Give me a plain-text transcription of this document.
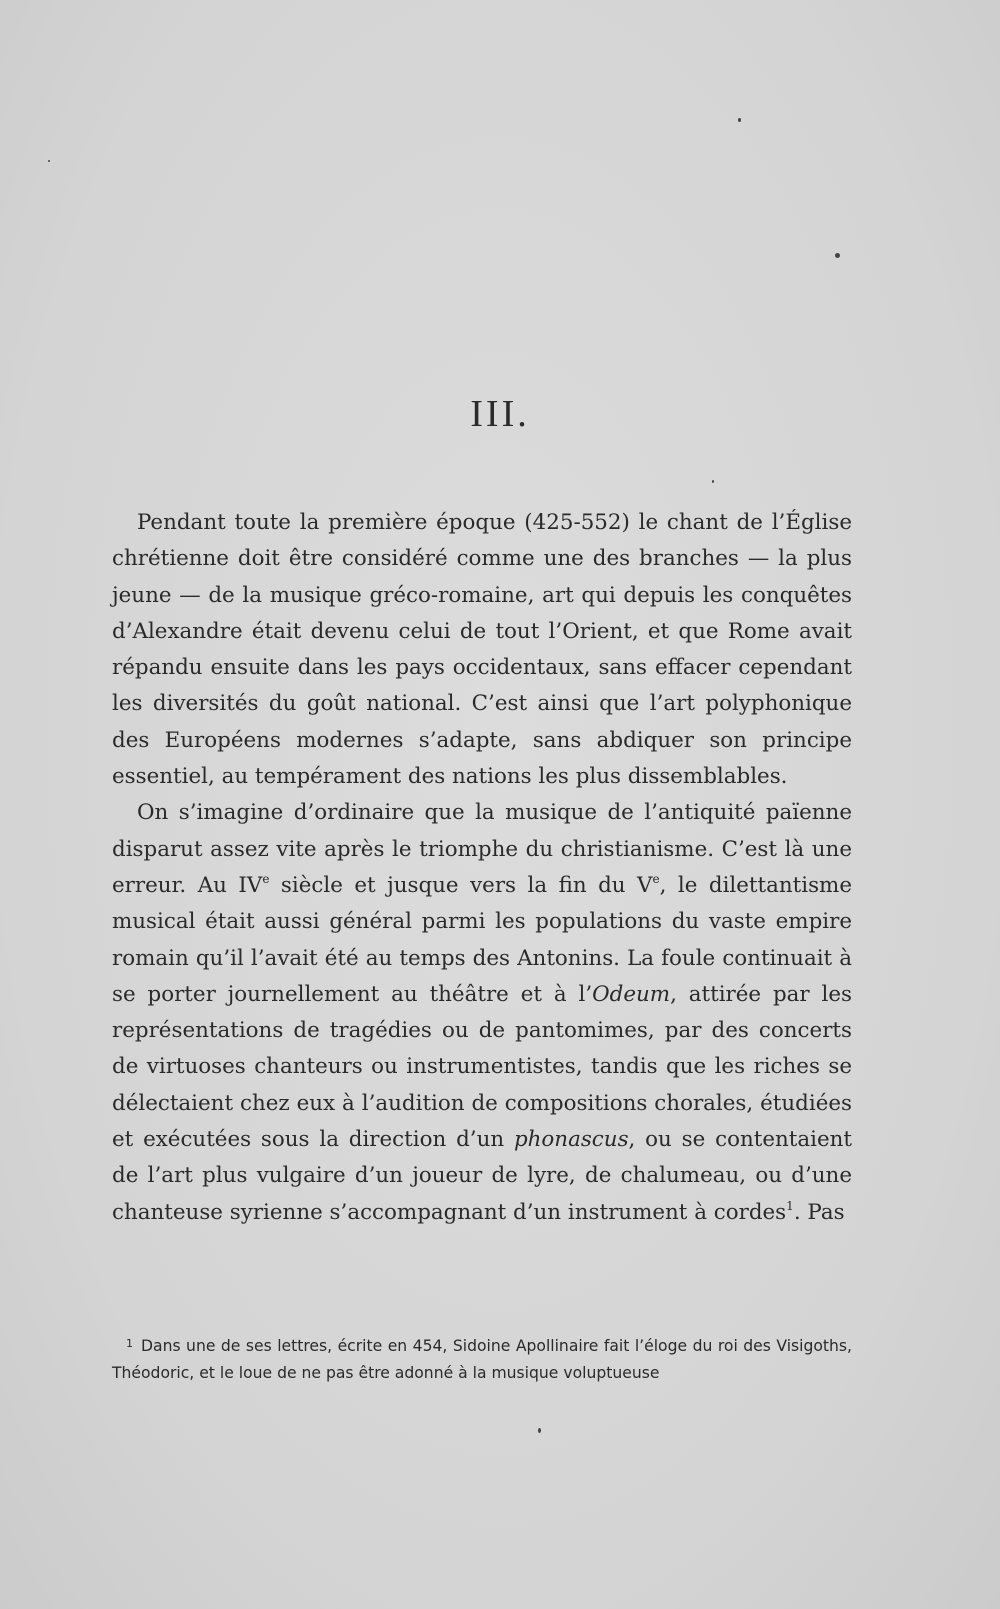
III.

Pendant toute la première époque (425-552) le chant de l’Église chrétienne doit être considéré comme une des branches — la plus jeune — de la musique gréco-romaine, art qui depuis les conquêtes d’Alexandre était devenu celui de tout l’Orient, et que Rome avait répandu ensuite dans les pays occidentaux, sans effacer cependant les diversités du goût national. C’est ainsi que l’art polyphonique des Européens modernes s’adapte, sans abdiquer son principe essentiel, au tempérament des nations les plus dissemblables.

On s’imagine d’ordinaire que la musique de l’antiquité païenne disparut assez vite après le triomphe du christianisme. C’est là une erreur. Au IVe siècle et jusque vers la fin du Ve, le dilettantisme musical était aussi général parmi les populations du vaste empire romain qu’il l’avait été au temps des Antonins. La foule continuait à se porter journellement au théâtre et à l’Odeum, attirée par les représentations de tragédies ou de pantomimes, par des concerts de virtuoses chanteurs ou instrumentistes, tandis que les riches se délectaient chez eux à l’audition de compositions chorales, étudiées et exécutées sous la direction d’un phonascus, ou se contentaient de l’art plus vulgaire d’un joueur de lyre, de chalumeau, ou d’une chanteuse syrienne s’accompagnant d’un instrument à cordes$^1$. Pas

$^1$ Dans une de ses lettres, écrite en 454, Sidoine Apollinaire fait l’éloge du roi des Visigoths, Théodoric, et le loue de ne pas être adonné à la musique voluptueuse
